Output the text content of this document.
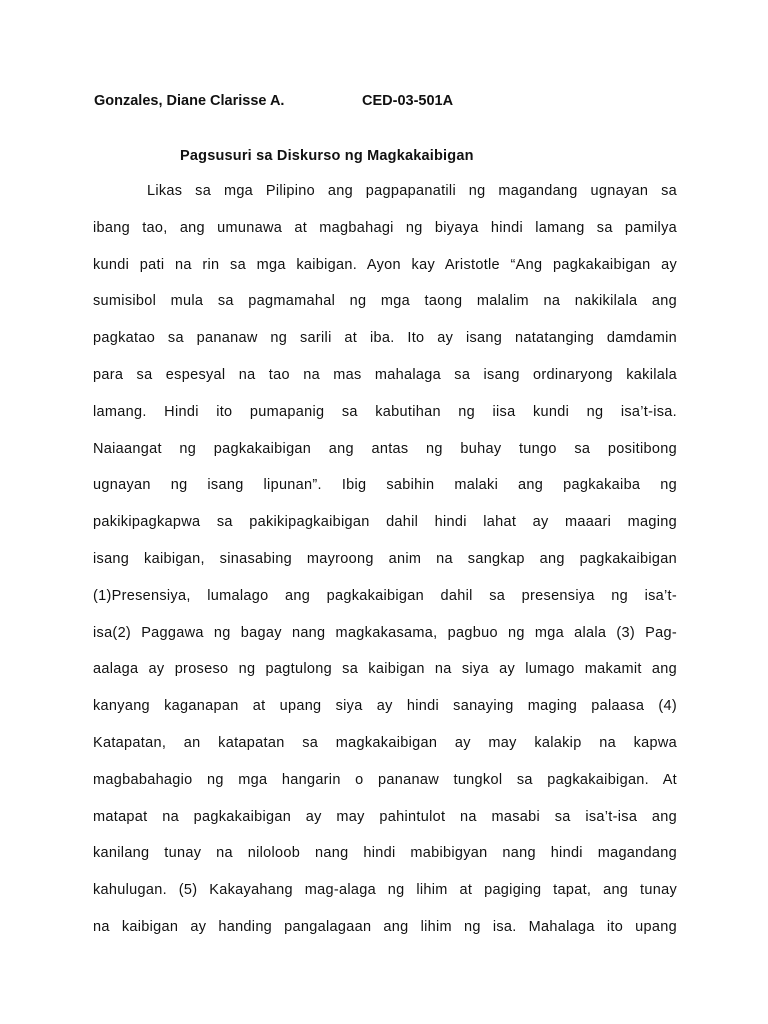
Gonzales, Diane Clarisse A.	CED-03-501A
Pagsusuri sa Diskurso ng Magkakaibigan
Likas sa mga Pilipino ang pagpapanatili ng magandang ugnayan sa
ibang tao, ang umunawa at magbahagi ng biyaya hindi lamang sa pamilya
kundi pati na rin sa mga kaibigan. Ayon kay Aristotle “Ang pagkakaibigan ay
sumisibol mula sa pagmamahal ng mga taong malalim na nakikilala ang
pagkatao sa pananaw ng sarili at iba. Ito ay isang natatanging damdamin
para sa espesyal na tao na mas mahalaga sa isang ordinaryong kakilala
lamang. Hindi ito pumapanig sa kabutihan ng iisa kundi ng isa’t-isa.
Naiaangat ng pagkakaibigan ang antas ng buhay tungo sa positibong
ugnayan ng isang lipunan”. Ibig sabihin malaki ang pagkakaiba ng
pakikipagkapwa sa pakikipagkaibigan dahil hindi lahat ay maaari maging
isang kaibigan, sinasabing mayroong anim na sangkap ang pagkakaibigan
(1)Presensiya, lumalago ang pagkakaibigan dahil sa presensiya ng isa’t-
isa(2) Paggawa ng bagay nang magkakasama, pagbuo ng mga alala (3) Pag-
aalaga ay proseso ng pagtulong sa kaibigan na siya ay lumago makamit ang
kanyang kaganapan at upang siya ay hindi sanaying maging palaasa (4)
Katapatan, an katapatan sa magkakaibigan ay may kalakip na kapwa
magbabahagio ng mga hangarin o pananaw tungkol sa pagkakaibigan. At
matapat na pagkakaibigan ay may pahintulot na masabi sa isa’t-isa ang
kanilang tunay na niloloob nang hindi mabibigyan nang hindi magandang
kahulugan. (5) Kakayahang mag-alaga ng lihim at pagiging tapat, ang tunay
na kaibigan ay handing pangalagaan ang lihim ng isa. Mahalaga ito upang
